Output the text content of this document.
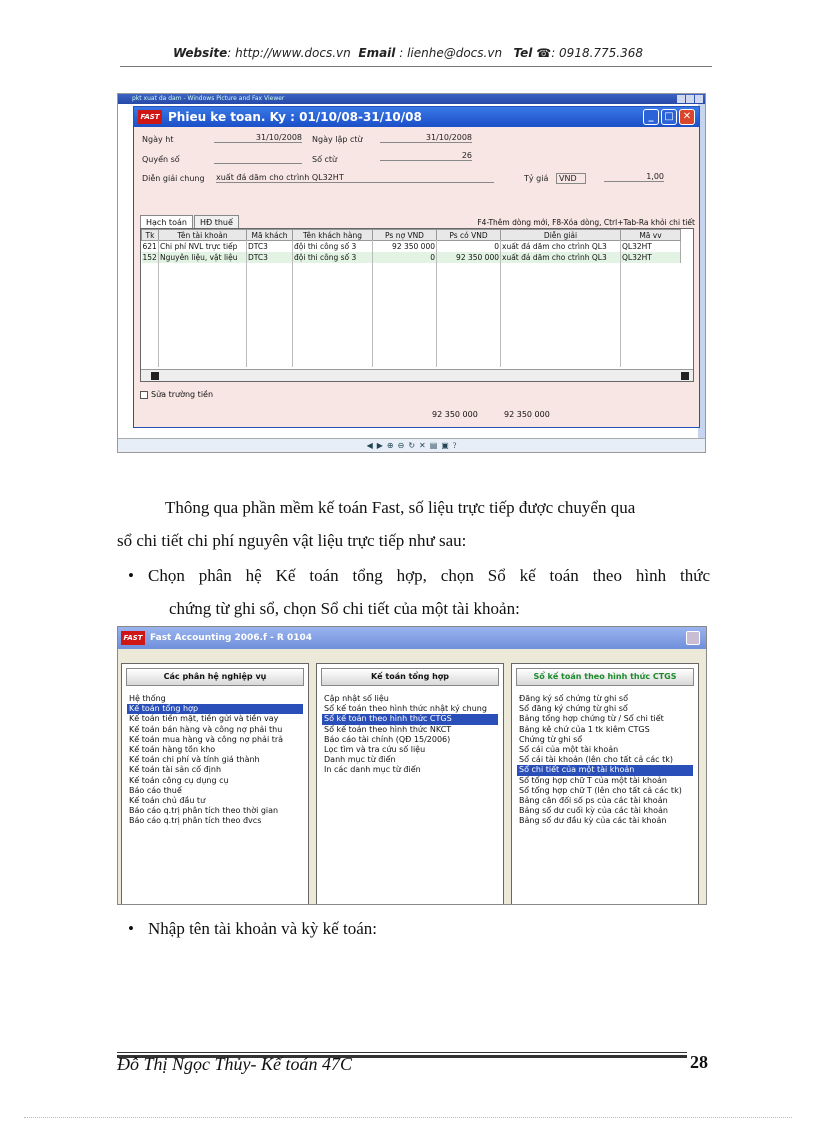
Website: http://www.docs.vn Email : lienhe@docs.vn Tel ☎: 0918.775.368
pkt xuat da dam - Windows Picture and Fax Viewer
FAST Phieu ke toan. Ky : 01/10/08-31/10/08	_	□ ✕
Ngày ht	31/10/2008 Ngày lập ctừ	31/10/2008
Quyển số	Số ctừ	26
Diễn giải chung xuất đá dăm cho ctrình QL32HT	Tỷ giá	VND	1,00
Hạch toán	HĐ thuế	F4-Thêm dòng mới, F8-Xóa dòng, Ctrl+Tab-Ra khỏi chi tiết
Tk	Tên tài khoản	Mã khách	Tên khách hàng	Ps nợ VND	Ps có VND	Diễn giải	Mã vv
621	Chi phí NVL trực tiếp	DTC3	đội thi công số 3	92 350 000	0	xuất đá dăm cho ctrình QL3	QL32HT
152	Nguyên liệu, vật liệu	DTC3	đội thi công số 3	0	92 350 000	xuất đá dăm cho ctrình QL3	QL32HT
Sửa trường tiền
92 350 000	92 350 000
◀ ▶ ⊕ ⊖ ↻ ✕ ▤ ▣ ?
Thông qua phần mềm kế toán Fast, số liệu trực tiếp được chuyển qua
sổ chi tiết chi phí nguyên vật liệu trực tiếp như sau:
• Chọn phân hệ Kế toán tổng hợp, chọn Sổ kế toán theo hình thức
chứng từ ghi sổ, chọn Sổ chi tiết của một tài khoản:
FAST Fast Accounting 2006.f - R 0104
Các phân hệ nghiệp vụ
Hệ thống
Kế toán tổng hợp
Kế toán tiền mặt, tiền gửi và tiền vay
Kế toán bán hàng và công nợ phải thu
Kế toán mua hàng và công nợ phải trả
Kế toán hàng tồn kho
Kế toán chi phí và tính giá thành
Kế toán tài sản cố định
Kế toán công cụ dụng cụ
Báo cáo thuế
Kế toán chủ đầu tư
Báo cáo q.trị phân tích theo thời gian
Báo cáo q.trị phân tích theo đvcs
Kế toán tổng hợp
Cập nhật số liệu
Sổ kế toán theo hình thức nhật ký chung
Sổ kế toán theo hình thức CTGS
Sổ kế toán theo hình thức NKCT
Báo cáo tài chính (QĐ 15/2006)
Lọc tìm và tra cứu số liệu
Danh mục từ điển
In các danh mục từ điển
Sổ kế toán theo hình thức CTGS
Đăng ký số chứng từ ghi sổ
Sổ đăng ký chứng từ ghi sổ
Bảng tổng hợp chứng từ / Sổ chi tiết
Bảng kê chứ của 1 tk kiêm CTGS
Chứng từ ghi sổ
Sổ cái của một tài khoản
Sổ cái tài khoản (lên cho tất cả các tk)
Sổ chi tiết của một tài khoản
Sổ tổng hợp chữ T của một tài khoản
Sổ tổng hợp chữ T (lên cho tất cả các tk)
Bảng cân đối số ps của các tài khoản
Bảng số dư cuối kỳ của các tài khoản
Bảng số dư đầu kỳ của các tài khoản
• Nhập tên tài khoản và kỳ kế toán:
Đỗ Thị Ngọc Thủy- Kế toán 47C	28
